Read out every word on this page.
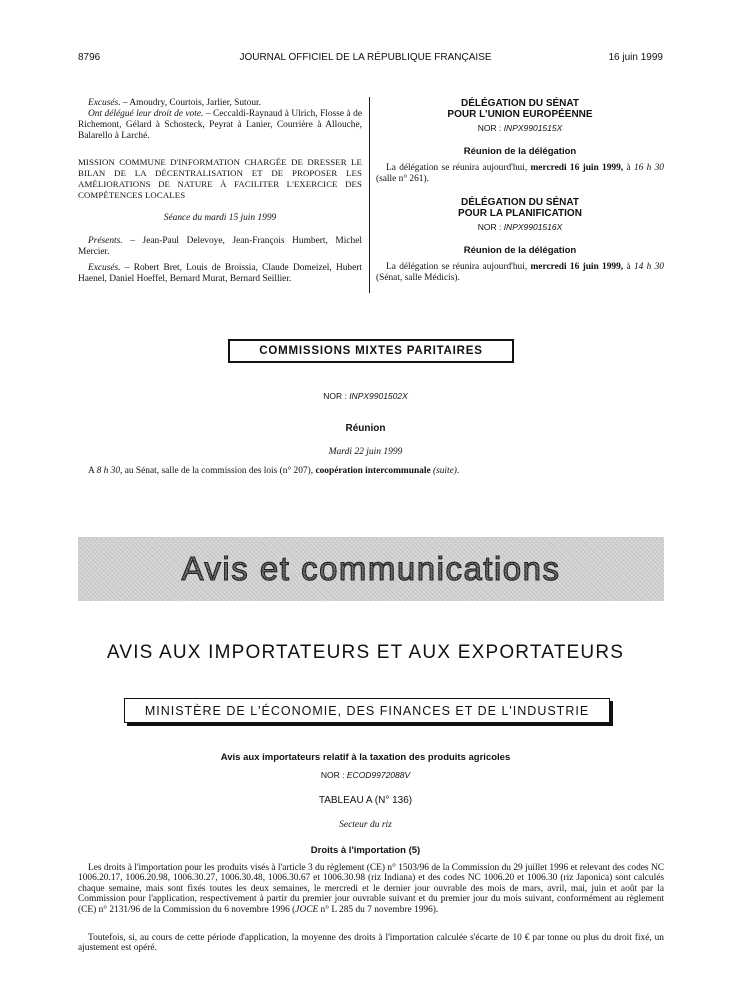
8796	JOURNAL OFFICIEL DE LA RÉPUBLIQUE FRANÇAISE	16 juin 1999

Excusés. – Amoudry, Courtois, Jarlier, Sutour.

Ont délégué leur droit de vote. – Ceccaldi-Raynaud à Ulrich, Flosse à de Richemont, Gélard à Schosteck, Peyrat à Lanier, Courrière à Allouche, Balarello à Larché.

MISSION COMMUNE D'INFORMATION CHARGÉE DE DRESSER LE BILAN DE LA DÉCENTRALISATION ET DE PROPOSER LES AMÉLIORATIONS DE NATURE À FACILITER L'EXERCICE DES COMPÉTENCES LOCALES

Séance du mardi 15 juin 1999

Présents. – Jean-Paul Delevoye, Jean-François Humbert, Michel Mercier.

Excusés. – Robert Bret, Louis de Broissia, Claude Domeizel, Hubert Haenel, Daniel Hoeffel, Bernard Murat, Bernard Seillier.

DÉLÉGATION DU SÉNAT

POUR L'UNION EUROPÉENNE

NOR : INPX9901515X

Réunion de la délégation

La délégation se réunira aujourd'hui, mercredi 16 juin 1999, à 16 h 30 (salle n° 261).

DÉLÉGATION DU SÉNAT

POUR LA PLANIFICATION

NOR : INPX9901516X

Réunion de la délégation

La délégation se réunira aujourd'hui, mercredi 16 juin 1999, à 14 h 30 (Sénat, salle Médicis).

COMMISSIONS MIXTES PARITAIRES
NOR : INPX9901502X
Réunion
Mardi 22 juin 1999
A 8 h 30, au Sénat, salle de la commission des lois (n° 207), coopération intercommunale (suite).
Avis et communications
AVIS AUX IMPORTATEURS ET AUX EXPORTATEURS
MINISTÈRE DE L'ÉCONOMIE, DES FINANCES ET DE L'INDUSTRIE
Avis aux importateurs relatif à la taxation des produits agricoles
NOR : ECOD9972088V
TABLEAU A (N° 136)
Secteur du riz
Droits à l'importation (5)

Les droits à l'importation pour les produits visés à l'article 3 du règlement (CE) n° 1503/96 de la Commission du 29 juillet 1996 et relevant des codes NC 1006.20.17, 1006.20.98, 1006.30.27, 1006.30.48, 1006.30.67 et 1006.30.98 (riz Indiana) et des codes NC 1006.20 et 1006.30 (riz Japonica) sont calculés chaque semaine, mais sont fixés toutes les deux semaines, le mercredi et le dernier jour ouvrable des mois de mars, avril, mai, juin et août par la Commission pour l'application, respectivement à partir du premier jour ouvrable suivant et du premier jour du mois suivant, conformément au règlement (CE) n° 2131/96 de la Commission du 6 novembre 1996 (JOCE n° L 285 du 7 novembre 1996).

Toutefois, si, au cours de cette période d'application, la moyenne des droits à l'importation calculée s'écarte de 10 € par tonne ou plus du droit fixé, un ajustement est opéré.
